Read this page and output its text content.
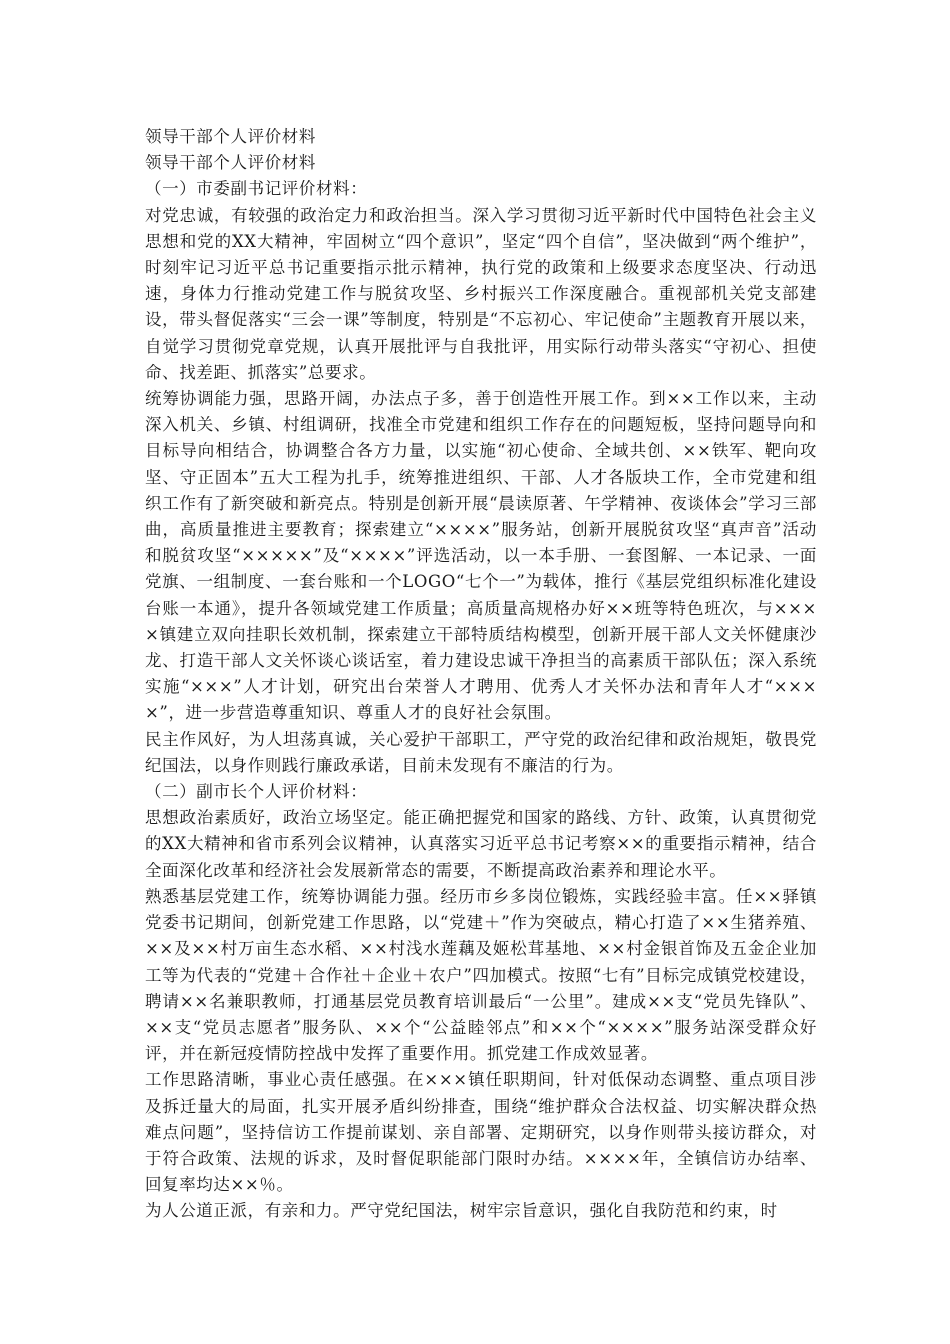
领导干部个人评价材料

领导干部个人评价材料

（一）市委副书记评价材料：

对党忠诚，有较强的政治定力和政治担当。深入学习贯彻习近平新时代中国特色社会主义思想和党的XX大精神，牢固树立“四个意识”，坚定“四个自信”，坚决做到“两个维护”，时刻牢记习近平总书记重要指示批示精神，执行党的政策和上级要求态度坚决、行动迅速，身体力行推动党建工作与脱贫攻坚、乡村振兴工作深度融合。重视部机关党支部建设，带头督促落实“三会一课”等制度，特别是“不忘初心、牢记使命”主题教育开展以来，自觉学习贯彻党章党规，认真开展批评与自我批评，用实际行动带头落实“守初心、担使命、找差距、抓落实”总要求。

统筹协调能力强，思路开阔，办法点子多，善于创造性开展工作。到××工作以来，主动深入机关、乡镇、村组调研，找准全市党建和组织工作存在的问题短板，坚持问题导向和目标导向相结合，协调整合各方力量，以实施“初心使命、全域共创、××铁军、靶向攻坚、守正固本”五大工程为扎手，统筹推进组织、干部、人才各版块工作，全市党建和组织工作有了新突破和新亮点。特别是创新开展“晨读原著、午学精神、夜谈体会”学习三部曲，高质量推进主要教育；探索建立“××××”服务站，创新开展脱贫攻坚“真声音”活动和脱贫攻坚“×××××”及“××××”评选活动，以一本手册、一套图解、一本记录、一面党旗、一组制度、一套台账和一个LOGO“七个一”为载体，推行《基层党组织标准化建设台账一本通》，提升各领域党建工作质量；高质量高规格办好××班等特色班次，与××××镇建立双向挂职长效机制，探索建立干部特质结构模型，创新开展干部人文关怀健康沙龙、打造干部人文关怀谈心谈话室，着力建设忠诚干净担当的高素质干部队伍；深入系统实施“×××”人才计划，研究出台荣誉人才聘用、优秀人才关怀办法和青年人才“××××”，进一步营造尊重知识、尊重人才的良好社会氛围。

民主作风好，为人坦荡真诚，关心爱护干部职工，严守党的政治纪律和政治规矩，敬畏党纪国法，以身作则践行廉政承诺，目前未发现有不廉洁的行为。

（二）副市长个人评价材料：

思想政治素质好，政治立场坚定。能正确把握党和国家的路线、方针、政策，认真贯彻党的XX大精神和省市系列会议精神，认真落实习近平总书记考察××的重要指示精神，结合全面深化改革和经济社会发展新常态的需要，不断提高政治素养和理论水平。

熟悉基层党建工作，统筹协调能力强。经历市乡多岗位锻炼，实践经验丰富。任××驿镇党委书记期间，创新党建工作思路，以“党建＋”作为突破点，精心打造了××生猪养殖、××及××村万亩生态水稻、××村浅水莲藕及姬松茸基地、××村金银首饰及五金企业加工等为代表的“党建＋合作社＋企业＋农户”四加模式。按照“七有”目标完成镇党校建设，聘请××名兼职教师，打通基层党员教育培训最后“一公里”。建成××支“党员先锋队”、××支“党员志愿者”服务队、××个“公益睦邻点”和××个“××××”服务站深受群众好评，并在新冠疫情防控战中发挥了重要作用。抓党建工作成效显著。

工作思路清晰，事业心责任感强。在×××镇任职期间，针对低保动态调整、重点项目涉及拆迁量大的局面，扎实开展矛盾纠纷排查，围绕“维护群众合法权益、切实解决群众热难点问题”，坚持信访工作提前谋划、亲自部署、定期研究，以身作则带头接访群众，对于符合政策、法规的诉求，及时督促职能部门限时办结。××××年，全镇信访办结率、回复率均达××％。

为人公道正派，有亲和力。严守党纪国法，树牢宗旨意识，强化自我防范和约束，时
